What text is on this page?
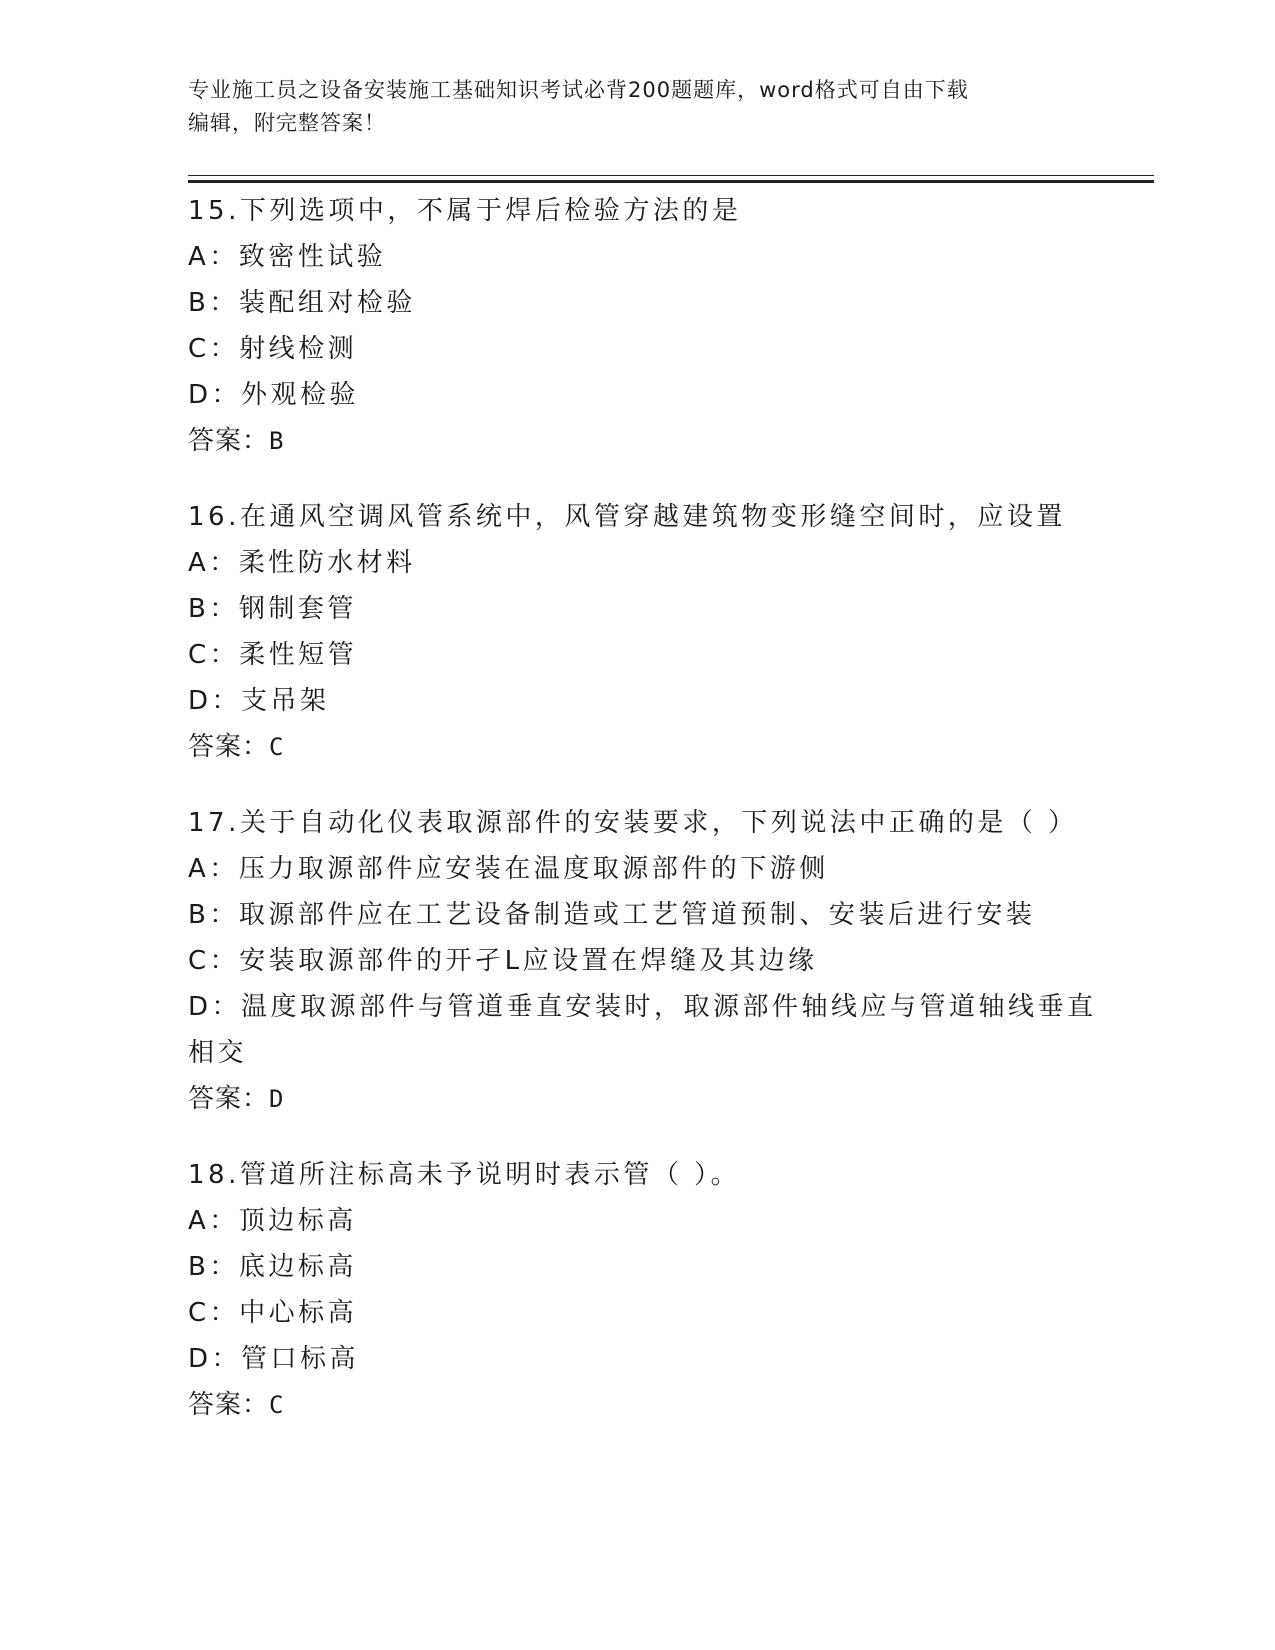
专业施工员之设备安装施工基础知识考试必背200题题库，word格式可自由下载
编辑，附完整答案！
15.下列选项中，不属于焊后检验方法的是
A：致密性试验
B：装配组对检验
C：射线检测
D：外观检验
答案：B
16.在通风空调风管系统中，风管穿越建筑物变形缝空间时，应设置
A：柔性防水材料
B：钢制套管
C：柔性短管
D：支吊架
答案：C
17.关于自动化仪表取源部件的安装要求，下列说法中正确的是（ ）
A：压力取源部件应安装在温度取源部件的下游侧
B：取源部件应在工艺设备制造或工艺管道预制、安装后进行安装
C：安装取源部件的开孑L应设置在焊缝及其边缘
D：温度取源部件与管道垂直安装时，取源部件轴线应与管道轴线垂直
相交
答案：D
18.管道所注标高未予说明时表示管（ ）。
A：顶边标高
B：底边标高
C：中心标高
D：管口标高
答案：C
